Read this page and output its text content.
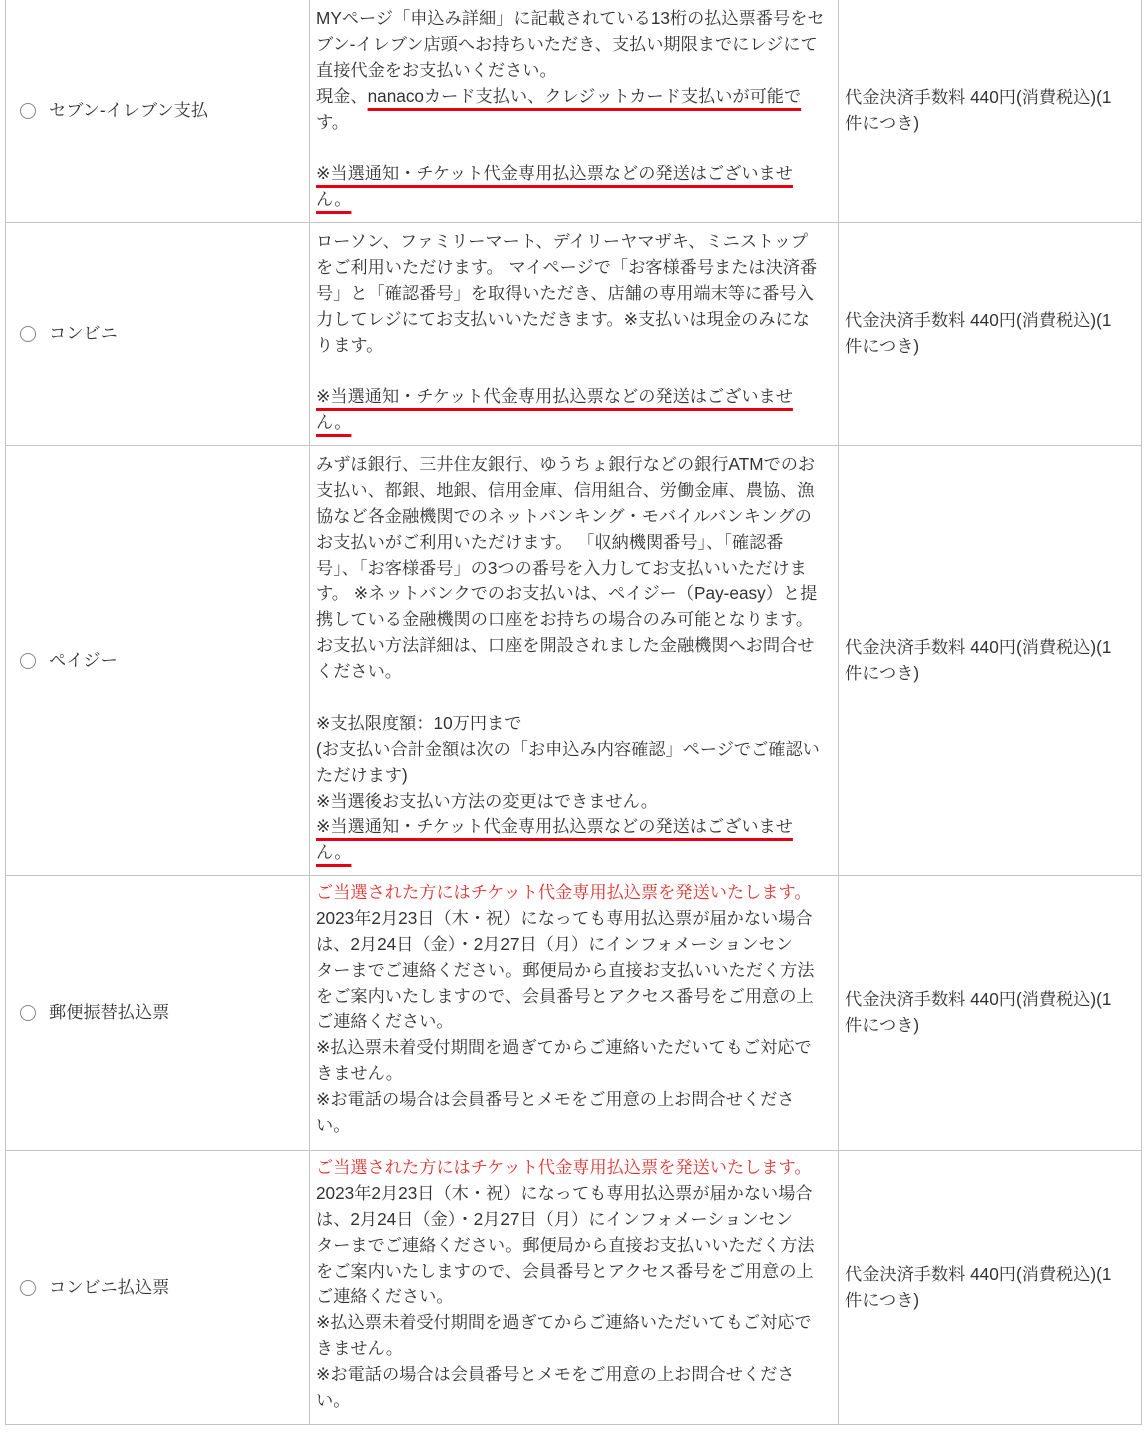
セブン-イレブン支払
MYページ「申込み詳細」に記載されている13桁の払込票番号をセ
ブン-イレブン店頭へお持ちいただき、支払い期限までにレジにて
直接代金をお支払いください。
現金、nanacoカード支払い、クレジットカード支払いが可能で
す。
※当選通知・チケット代金専用払込票などの発送はございませ
ん。
代金決済手数料 440円(消費税込)(1
件につき)
コンビニ
ローソン、ファミリーマート、デイリーヤマザキ、ミニストップ
をご利用いただけます。 マイページで「お客様番号または決済番
号」と「確認番号」を取得いただき、店舗の専用端末等に番号入
力してレジにてお支払いいただきます。※支払いは現金のみにな
ります。
※当選通知・チケット代金専用払込票などの発送はございませ
ん。
代金決済手数料 440円(消費税込)(1
件につき)
ペイジー
みずほ銀行、三井住友銀行、ゆうちょ銀行などの銀行ATMでのお
支払い、都銀、地銀、信用金庫、信用組合、労働金庫、農協、漁
協など各金融機関でのネットバンキング・モバイルバンキングの
お支払いがご利用いただけます。 「収納機関番号」、「確認番
号」、「お客様番号」の3つの番号を入力してお支払いいただけま
す。 ※ネットバンクでのお支払いは、ペイジー（Pay-easy）と提
携している金融機関の口座をお持ちの場合のみ可能となります。
お支払い方法詳細は、口座を開設されました金融機関へお問合せ
ください。
※支払限度額：10万円まで
(お支払い合計金額は次の「お申込み内容確認」ページでご確認い
ただけます)
※当選後お支払い方法の変更はできません。
※当選通知・チケット代金専用払込票などの発送はございませ
ん。
代金決済手数料 440円(消費税込)(1
件につき)
郵便振替払込票
ご当選された方にはチケット代金専用払込票を発送いたします。
2023年2月23日（木・祝）になっても専用払込票が届かない場合
は、2月24日（金）・2月27日（月）にインフォメーションセン
ターまでご連絡ください。郵便局から直接お支払いいただく方法
をご案内いたしますので、会員番号とアクセス番号をご用意の上
ご連絡ください。
※払込票未着受付期間を過ぎてからご連絡いただいてもご対応で
きません。
※お電話の場合は会員番号とメモをご用意の上お問合せくださ
い。
代金決済手数料 440円(消費税込)(1
件につき)
コンビニ払込票
ご当選された方にはチケット代金専用払込票を発送いたします。
2023年2月23日（木・祝）になっても専用払込票が届かない場合
は、2月24日（金）・2月27日（月）にインフォメーションセン
ターまでご連絡ください。郵便局から直接お支払いいただく方法
をご案内いたしますので、会員番号とアクセス番号をご用意の上
ご連絡ください。
※払込票未着受付期間を過ぎてからご連絡いただいてもご対応で
きません。
※お電話の場合は会員番号とメモをご用意の上お問合せくださ
い。
代金決済手数料 440円(消費税込)(1
件につき)
